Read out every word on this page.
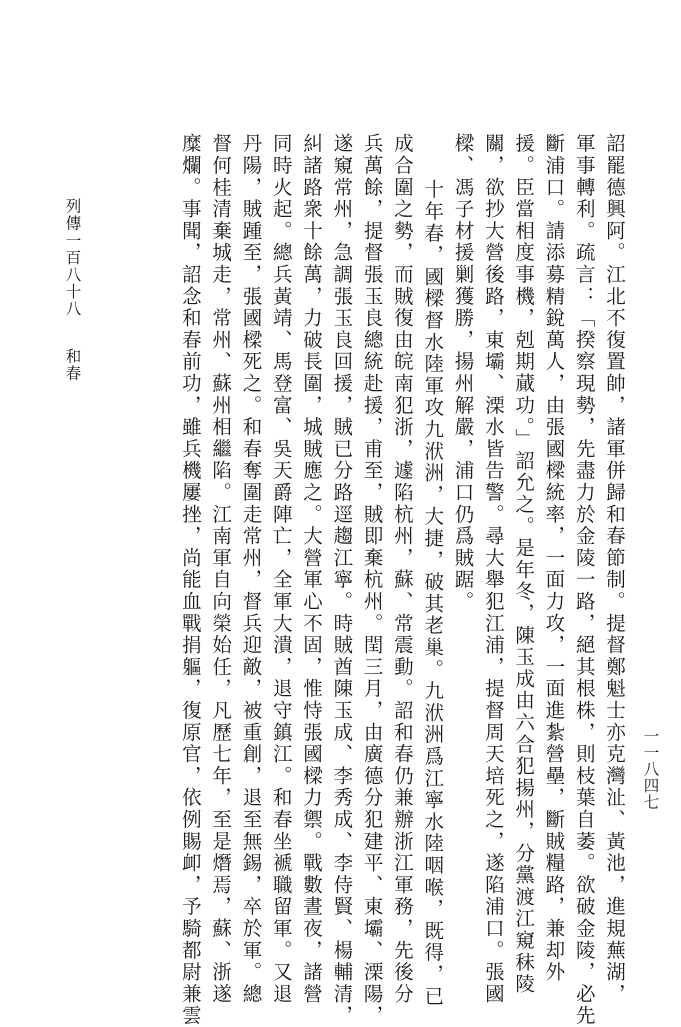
列傳一百八十八和春
一一八四七
詔罷德興阿。江北不復置帥，諸軍併歸和春節制。提督鄭魁士亦克灣沚、黃池，進規蕪湖，
軍事轉利。疏言：「揆察現勢，先盡力於金陵一路，絕其根株，則枝葉自萎。欲破金陵，必先
斷浦口。請添募精銳萬人，由張國樑統率，一面力攻，一面進紮營壘，斷賊糧路，兼却外
援。臣當相度事機，剋期蕆功。」詔允之。是年冬，陳玉成由六合犯揚州，分黨渡江窺秣陵
關，欲抄大營後路，東壩、溧水皆告警。尋大舉犯江浦，提督周天培死之，遂陷浦口。張國
樑、馮子材援剿獲勝，揚州解嚴，浦口仍爲賊踞。
十年春，國樑督水陸軍攻九洑洲，大捷，破其老巢。九洑洲爲江寧水陸咽喉，既得，已
成合圍之勢，而賊復由皖南犯浙，遽陷杭州，蘇、常震動。詔和春仍兼辦浙江軍務，先後分
兵萬餘，提督張玉良總統赴援，甫至，賊即棄杭州。閏三月，由廣德分犯建平、東壩、溧陽，
遂窺常州，急調張玉良回援，賊已分路逕趨江寧。時賊酋陳玉成、李秀成、李侍賢、楊輔清，
糾諸路衆十餘萬，力破長圍，城賊應之。大營軍心不固，惟恃張國樑力禦。戰數晝夜，諸營
同時火起。總兵黃靖、馬登富、吳天爵陣亡，全軍大潰，退守鎮江。和春坐褫職留軍。又退
丹陽，賊踵至，張國樑死之。和春奪圍走常州，督兵迎敵，被重創，退至無錫，卒於軍。總
督何桂清棄城走，常州、蘇州相繼陷。江南軍自向榮始任，凡歷七年，至是熸焉，蘇、浙遂
糜爛。事聞，詔念和春前功，雖兵機屢挫，尚能血戰捐軀，復原官，依例賜卹，予騎都尉兼雲
